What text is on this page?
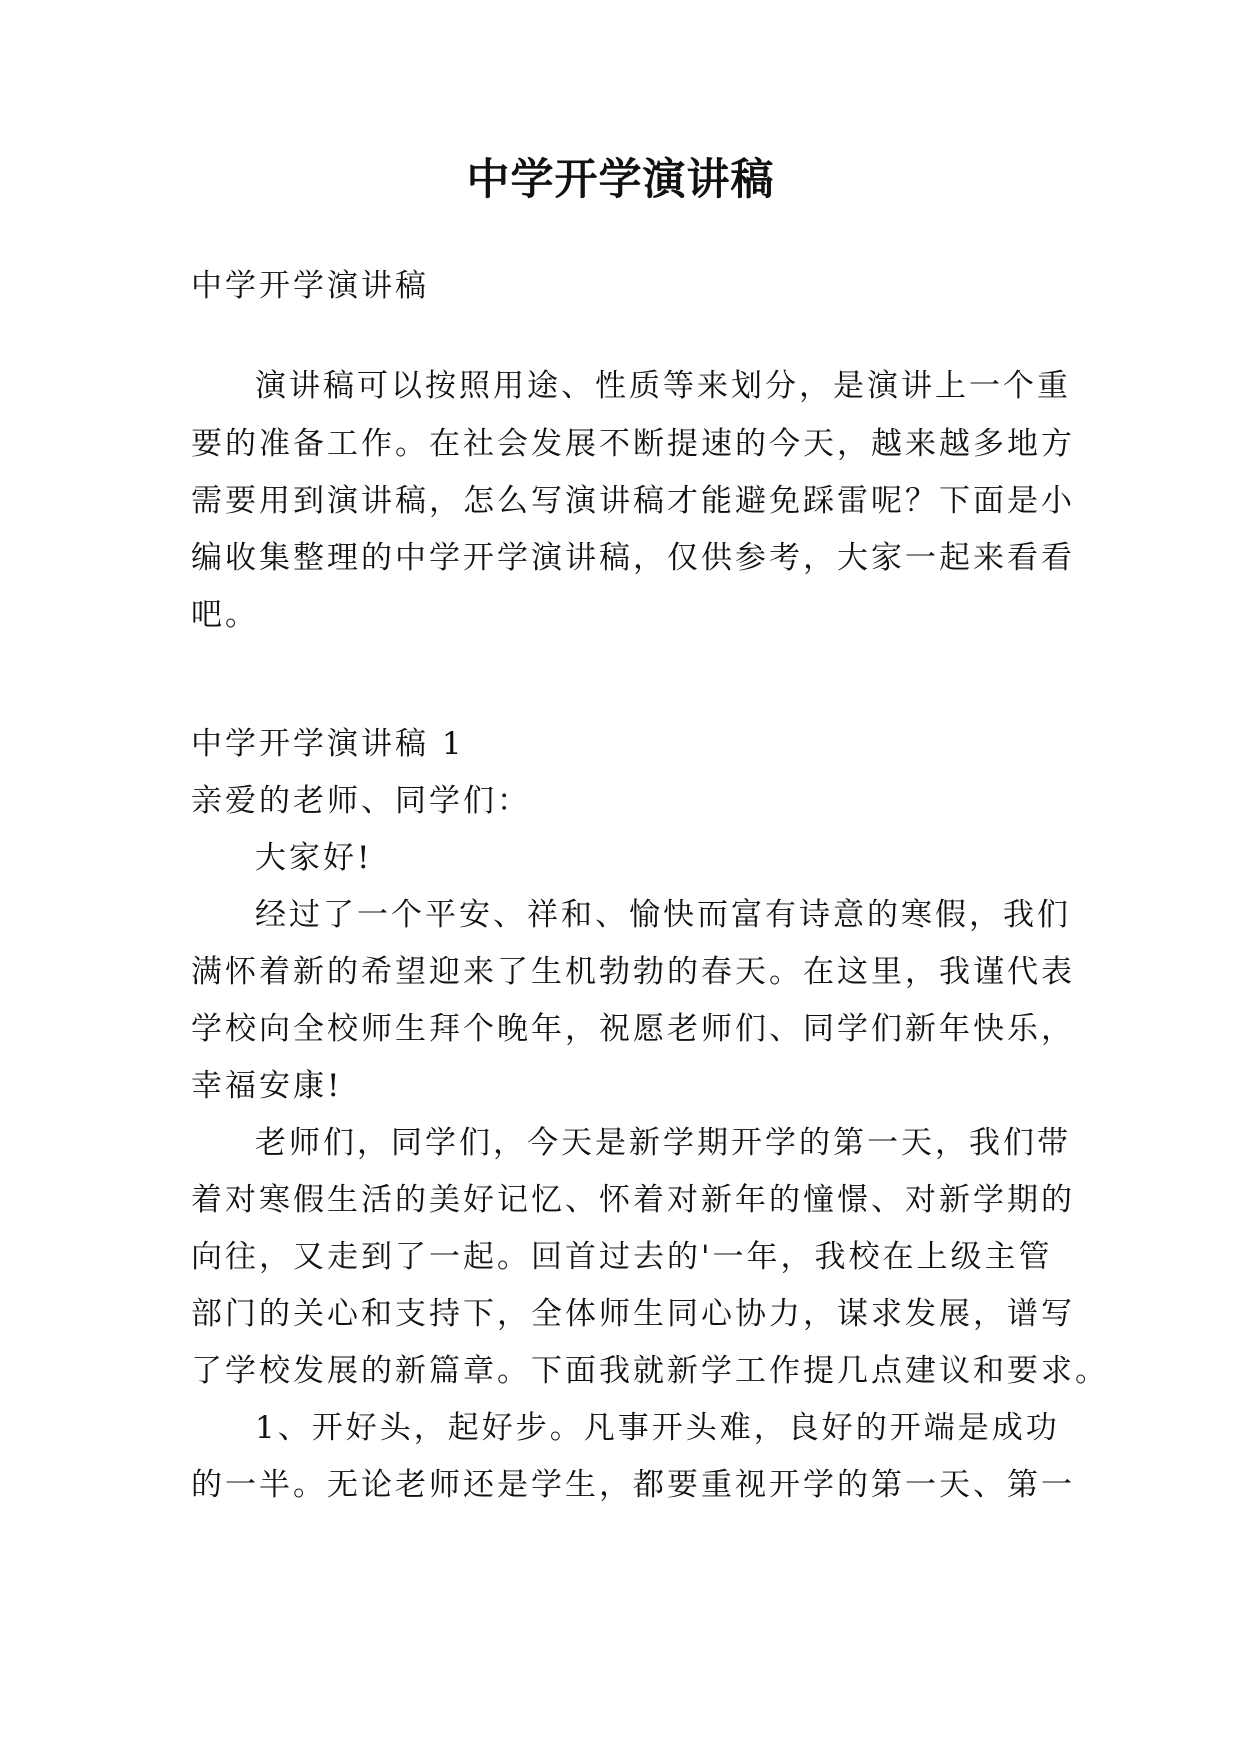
中学开学演讲稿
中学开学演讲稿
演讲稿可以按照用途、性质等来划分，是演讲上一个重
要的准备工作。在社会发展不断提速的今天，越来越多地方
需要用到演讲稿，怎么写演讲稿才能避免踩雷呢？下面是小
编收集整理的中学开学演讲稿，仅供参考，大家一起来看看
吧。
中学开学演讲稿 1
亲爱的老师、同学们：
大家好!
经过了一个平安、祥和、愉快而富有诗意的寒假，我们
满怀着新的希望迎来了生机勃勃的春天。在这里，我谨代表
学校向全校师生拜个晚年，祝愿老师们、同学们新年快乐，
幸福安康!
老师们，同学们，今天是新学期开学的第一天，我们带
着对寒假生活的美好记忆、怀着对新年的憧憬、对新学期的
向往，又走到了一起。回首过去的'一年，我校在上级主管
部门的关心和支持下，全体师生同心协力，谋求发展，谱写
了学校发展的新篇章。下面我就新学工作提几点建议和要求。
1、开好头，起好步。凡事开头难，良好的开端是成功
的一半。无论老师还是学生，都要重视开学的第一天、第一
